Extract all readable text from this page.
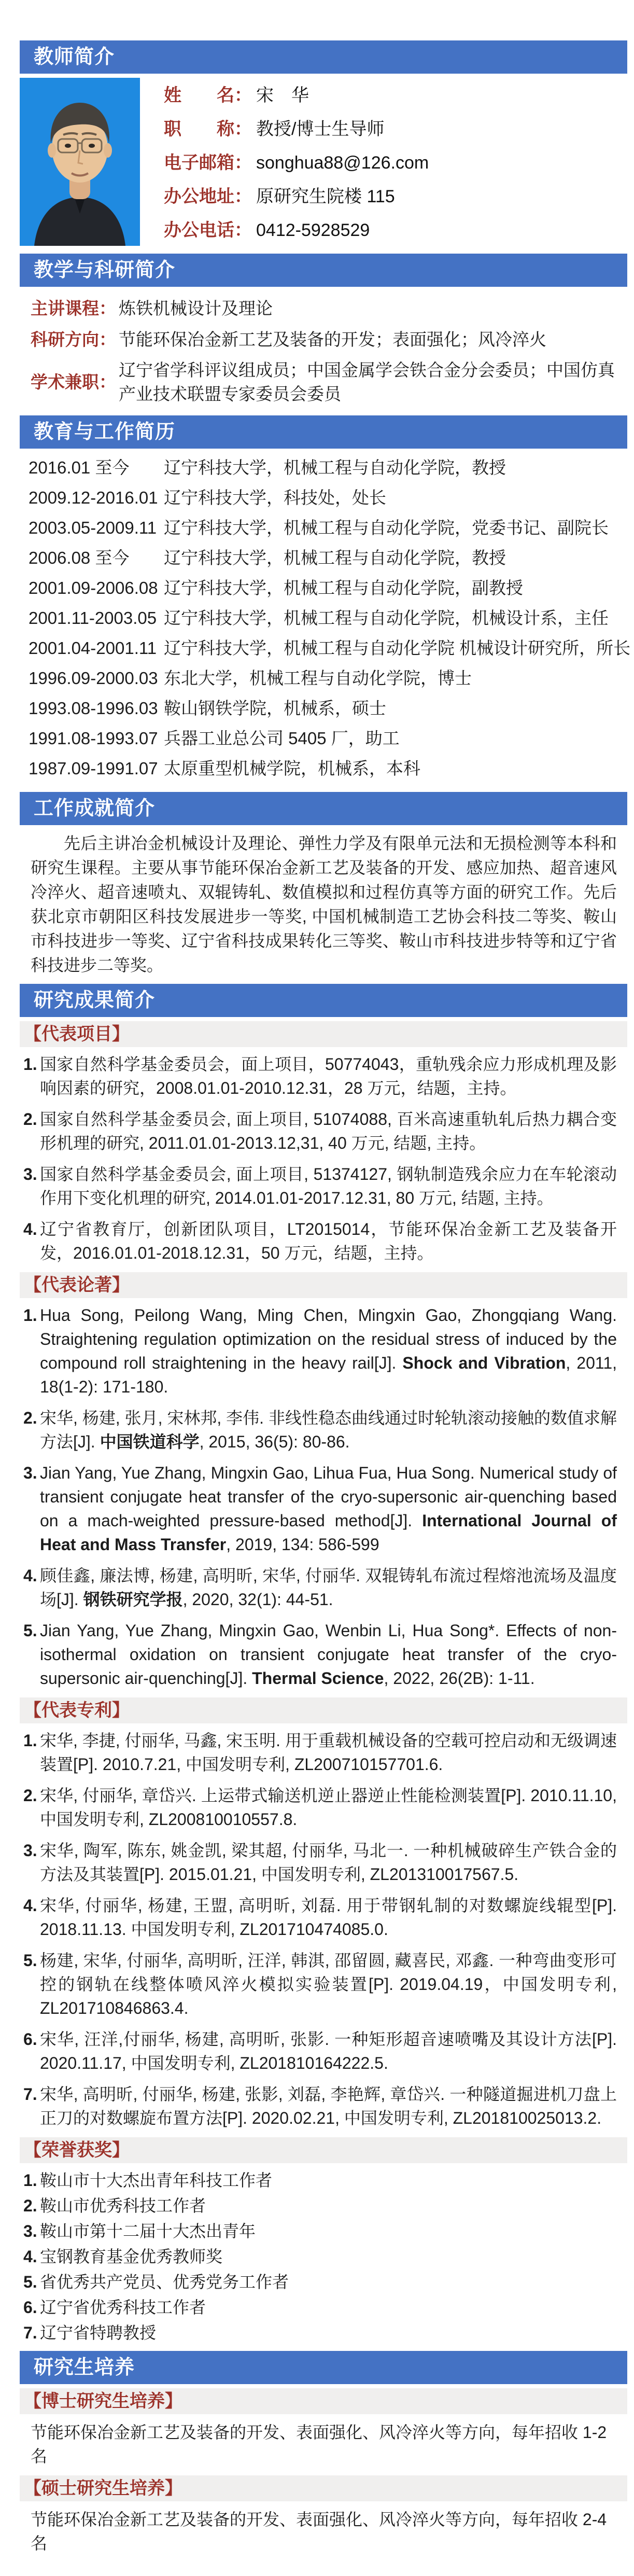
教师简介
姓　　名： 宋　华
职　　称： 教授/博士生导师
电子邮箱： songhua88@126.com
办公地址： 原研究生院楼 115
办公电话： 0412-5928529
教学与科研简介
主讲课程： 炼铁机械设计及理论
科研方向： 节能环保冶金新工艺及装备的开发；表面强化；风冷淬火
学术兼职：
辽宁省学科评议组成员；中国金属学会铁合金分会委员；中国仿真产业技术联盟专家委员会委员
教育与工作简历
2016.01 至今 辽宁科技大学，机械工程与自动化学院，教授
2009.12-2016.01 辽宁科技大学，科技处，处长
2003.05-2009.11 辽宁科技大学，机械工程与自动化学院，党委书记、副院长
2006.08 至今 辽宁科技大学，机械工程与自动化学院，教授
2001.09-2006.08 辽宁科技大学，机械工程与自动化学院，副教授
2001.11-2003.05 辽宁科技大学，机械工程与自动化学院，机械设计系，主任
2001.04-2001.11 辽宁科技大学，机械工程与自动化学院 机械设计研究所，所长
1996.09-2000.03 东北大学，机械工程与自动化学院，博士
1993.08-1996.03 鞍山钢铁学院，机械系，硕士
1991.08-1993.07 兵器工业总公司 5405 厂，助工
1987.09-1991.07 太原重型机械学院，机械系，本科
工作成就简介

先后主讲冶金机械设计及理论、弹性力学及有限单元法和无损检测等本科和研究生课程。主要从事节能环保冶金新工艺及装备的开发、感应加热、超音速风冷淬火、超音速喷丸、双辊铸轧、数值模拟和过程仿真等方面的研究工作。先后获北京市朝阳区科技发展进步一等奖, 中国机械制造工艺协会科技二等奖、鞍山市科技进步一等奖、辽宁省科技成果转化三等奖、鞍山市科技进步特等和辽宁省科技进步二等奖。

研究成果简介
【代表项目】
国家自然科学基金委员会，面上项目，50774043，重轨残余应力形成机理及影响因素的研究，2008.01.01-2010.12.31，28 万元，结题，主持。
国家自然科学基金委员会, 面上项目, 51074088, 百米高速重轨轧后热力耦合变形机理的研究, 2011.01.01-2013.12,31, 40 万元, 结题, 主持。
国家自然科学基金委员会, 面上项目, 51374127, 钢轨制造残余应力在车轮滚动作用下变化机理的研究, 2014.01.01-2017.12.31, 80 万元, 结题, 主持。
辽宁省教育厅，创新团队项目，LT2015014，节能环保冶金新工艺及装备开发，2016.01.01-2018.12.31，50 万元，结题，主持。
【代表论著】
Hua Song, Peilong Wang, Ming Chen, Mingxin Gao, Zhongqiang Wang. Straightening regulation optimization on the residual stress of induced by the compound roll straightening in the heavy rail[J]. Shock and Vibration, 2011, 18(1-2): 171-180.
宋华, 杨建, 张月, 宋林邦, 李伟. 非线性稳态曲线通过时轮轨滚动接触的数值求解方法[J]. 中国铁道科学, 2015, 36(5): 80-86.
Jian Yang, Yue Zhang, Mingxin Gao, Lihua Fua, Hua Song. Numerical study of transient conjugate heat transfer of the cryo-supersonic air-quenching based on a mach-weighted pressure-based method[J]. International Journal of Heat and Mass Transfer, 2019, 134: 586-599
顾佳鑫, 廉法博, 杨建, 高明昕, 宋华, 付丽华. 双辊铸轧布流过程熔池流场及温度场[J]. 钢铁研究学报, 2020, 32(1): 44-51.
Jian Yang, Yue Zhang, Mingxin Gao, Wenbin Li, Hua Song*. Effects of non-isothermal oxidation on transient conjugate heat transfer of the cryo-supersonic air-quenching[J]. Thermal Science, 2022, 26(2B): 1-11.
【代表专利】
宋华, 李捷, 付丽华, 马鑫, 宋玉明. 用于重载机械设备的空载可控启动和无级调速装置[P]. 2010.7.21, 中国发明专利, ZL200710157701.6.
宋华, 付丽华, 章岱兴. 上运带式输送机逆止器逆止性能检测装置[P]. 2010.11.10, 中国发明专利, ZL200810010557.8.
宋华, 陶军, 陈东, 姚金凯, 梁其超, 付丽华, 马北一. 一种机械破碎生产铁合金的方法及其装置[P]. 2015.01.21, 中国发明专利, ZL201310017567.5.
宋华, 付丽华, 杨建, 王盟, 高明昕, 刘磊. 用于带钢轧制的对数螺旋线辊型[P]. 2018.11.13. 中国发明专利, ZL201710474085.0.
杨建, 宋华, 付丽华, 高明昕, 汪洋, 韩淇, 邵留圆, 藏喜民, 邓鑫. 一种弯曲变形可控的钢轨在线整体喷风淬火模拟实验装置[P]. 2019.04.19，中国发明专利, ZL201710846863.4.
宋华, 汪洋,付丽华, 杨建, 高明昕, 张影. 一种矩形超音速喷嘴及其设计方法[P]. 2020.11.17, 中国发明专利, ZL201810164222.5.
宋华, 高明昕, 付丽华, 杨建, 张影, 刘磊, 李艳辉, 章岱兴. 一种隧道掘进机刀盘上正刀的对数螺旋布置方法[P]. 2020.02.21, 中国发明专利, ZL201810025013.2.
【荣誉获奖】
鞍山市十大杰出青年科技工作者
鞍山市优秀科技工作者
鞍山市第十二届十大杰出青年
宝钢教育基金优秀教师奖
省优秀共产党员、优秀党务工作者
辽宁省优秀科技工作者
辽宁省特聘教授
研究生培养
【博士研究生培养】

节能环保冶金新工艺及装备的开发、表面强化、风冷淬火等方向，每年招收 1-2 名

【硕士研究生培养】

节能环保冶金新工艺及装备的开发、表面强化、风冷淬火等方向，每年招收 2-4 名
